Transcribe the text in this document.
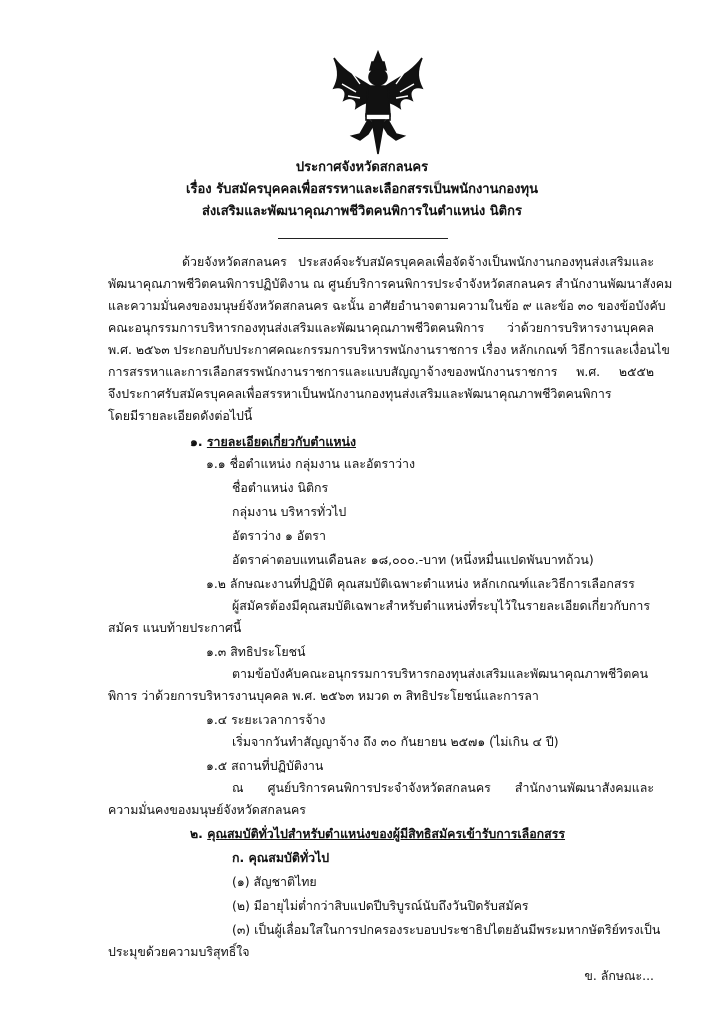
ประกาศจังหวัดสกลนคร
เรื่อง รับสมัครบุคคลเพื่อสรรหาและเลือกสรรเป็นพนักงานกองทุน
ส่งเสริมและพัฒนาคุณภาพชีวิตคนพิการในตำแหน่ง นิติกร
ด้วยจังหวัดสกลนคร ประสงค์จะรับสมัครบุคคลเพื่อจัดจ้างเป็นพนักงานกองทุนส่งเสริมและ
พัฒนาคุณภาพชีวิตคนพิการปฏิบัติงาน ณ ศูนย์บริการคนพิการประจำจังหวัดสกลนคร สำนักงานพัฒนาสังคม
และความมั่นคงของมนุษย์จังหวัดสกลนคร ฉะนั้น อาศัยอำนาจตามความในข้อ ๙ และข้อ ๓๐ ของข้อบังคับ
คณะอนุกรรมการบริหารกองทุนส่งเสริมและพัฒนาคุณภาพชีวิตคนพิการ ว่าด้วยการบริหารงานบุคคล
พ.ศ. ๒๕๖๓ ประกอบกับประกาศคณะกรรมการบริหารพนักงานราชการ เรื่อง หลักเกณฑ์ วิธีการและเงื่อนไข
การสรรหาและการเลือกสรรพนักงานราชการและแบบสัญญาจ้างของพนักงานราชการ พ.ศ. ๒๕๕๒
จึงประกาศรับสมัครบุคคลเพื่อสรรหาเป็นพนักงานกองทุนส่งเสริมและพัฒนาคุณภาพชีวิตคนพิการ
โดยมีรายละเอียดดังต่อไปนี้
๑. รายละเอียดเกี่ยวกับตำแหน่ง
๑.๑ ชื่อตำแหน่ง กลุ่มงาน และอัตราว่าง
ชื่อตำแหน่ง นิติกร
กลุ่มงาน บริหารทั่วไป
อัตราว่าง ๑ อัตรา
อัตราค่าตอบแทนเดือนละ ๑๘,๐๐๐.-บาท (หนึ่งหมื่นแปดพันบาทถ้วน)
๑.๒ ลักษณะงานที่ปฏิบัติ คุณสมบัติเฉพาะตำแหน่ง หลักเกณฑ์และวิธีการเลือกสรร
ผู้สมัครต้องมีคุณสมบัติเฉพาะสำหรับตำแหน่งที่ระบุไว้ในรายละเอียดเกี่ยวกับการ
สมัคร แนบท้ายประกาศนี้
๑.๓ สิทธิประโยชน์
ตามข้อบังคับคณะอนุกรรมการบริหารกองทุนส่งเสริมและพัฒนาคุณภาพชีวิตคน
พิการ ว่าด้วยการบริหารงานบุคคล พ.ศ. ๒๕๖๓ หมวด ๓ สิทธิประโยชน์และการลา
๑.๔ ระยะเวลาการจ้าง
เริ่มจากวันทำสัญญาจ้าง ถึง ๓๐ กันยายน ๒๕๗๑ (ไม่เกิน ๔ ปี)
๑.๕ สถานที่ปฏิบัติงาน
ณ ศูนย์บริการคนพิการประจำจังหวัดสกลนคร สำนักงานพัฒนาสังคมและ
ความมั่นคงของมนุษย์จังหวัดสกลนคร
๒. คุณสมบัติทั่วไปสำหรับตำแหน่งของผู้มีสิทธิสมัครเข้ารับการเลือกสรร
ก. คุณสมบัติทั่วไป
(๑) สัญชาติไทย
(๒) มีอายุไม่ต่ำกว่าสิบแปดปีบริบูรณ์นับถึงวันปิดรับสมัคร
(๓) เป็นผู้เลื่อมใสในการปกครองระบอบประชาธิปไตยอันมีพระมหากษัตริย์ทรงเป็น
ประมุขด้วยความบริสุทธิ์ใจ
ข. ลักษณะ...
